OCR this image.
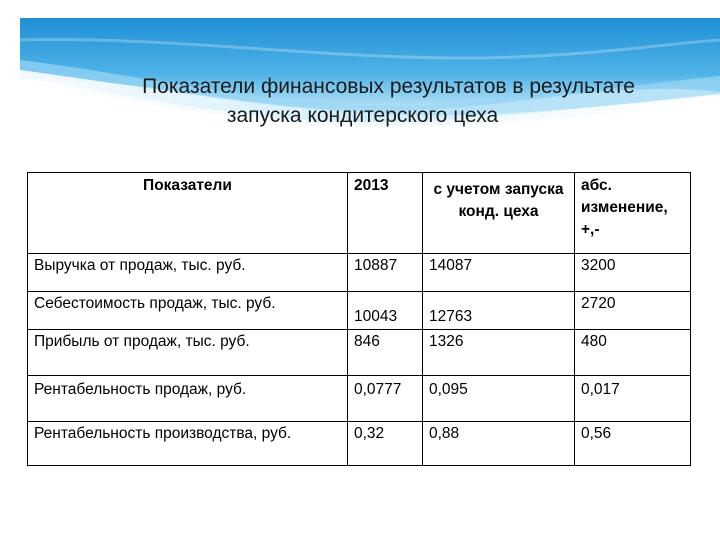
Показатели финансовых результатов в результате
запуска кондитерского цеха
Показатели	2013	с учетом запуска конд. цеха	абс. изменение, +,-
Выручка от продаж, тыс. руб.	10887	14087	3200
Себестоимость продаж, тыс. руб.	10043	12763	2720
Прибыль от продаж, тыс. руб.	846	1326	480
Рентабельность продаж, руб.	0,0777	0,095	0,017
Рентабельность производства, руб.	0,32	0,88	0,56
